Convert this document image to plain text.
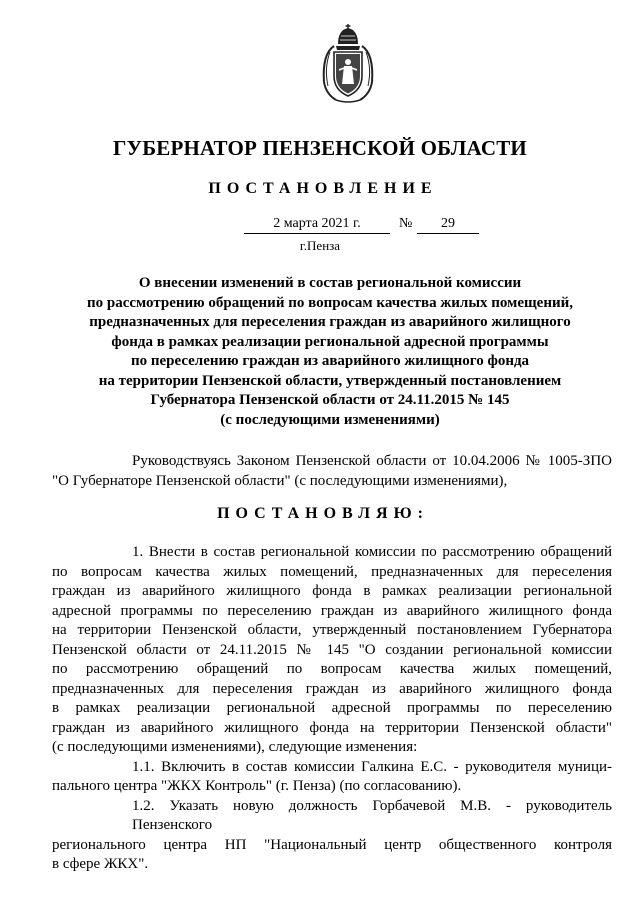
ГУБЕРНАТОР ПЕНЗЕНСКОЙ ОБЛАСТИ
ПОСТАНОВЛЕНИЕ
2 марта 2021 г.	№	29
г.Пенза
О внесении изменений в состав региональной комиссии
по рассмотрению обращений по вопросам качества жилых помещений,
предназначенных для переселения граждан из аварийного жилищного
фонда в рамках реализации региональной адресной программы
по переселению граждан из аварийного жилищного фонда
на территории Пензенской области, утвержденный постановлением
Губернатора Пензенской области от 24.11.2015 № 145
(с последующими изменениями)
Руководствуясь Законом Пензенской области от 10.04.2006 № 1005-ЗПО
"О Губернаторе Пензенской области" (с последующими изменениями),
ПОСТАНОВЛЯЮ:
1. Внести в состав региональной комиссии по рассмотрению обращений
по вопросам качества жилых помещений, предназначенных для переселения
граждан из аварийного жилищного фонда в рамках реализации региональной
адресной программы по переселению граждан из аварийного жилищного фонда
на территории Пензенской области, утвержденный постановлением Губернатора
Пензенской области от 24.11.2015 № 145 "О создании региональной комиссии
по рассмотрению обращений по вопросам качества жилых помещений,
предназначенных для переселения граждан из аварийного жилищного фонда
в рамках реализации региональной адресной программы по переселению
граждан из аварийного жилищного фонда на территории Пензенской области"
(с последующими изменениями), следующие изменения:
1.1. Включить в состав комиссии Галкина Е.С. - руководителя муници-
пального центра "ЖКХ Контроль" (г. Пенза) (по согласованию).
1.2. Указать новую должность Горбачевой М.В. - руководитель Пензенского
регионального центра НП "Национальный центр общественного контроля
в сфере ЖКХ".
